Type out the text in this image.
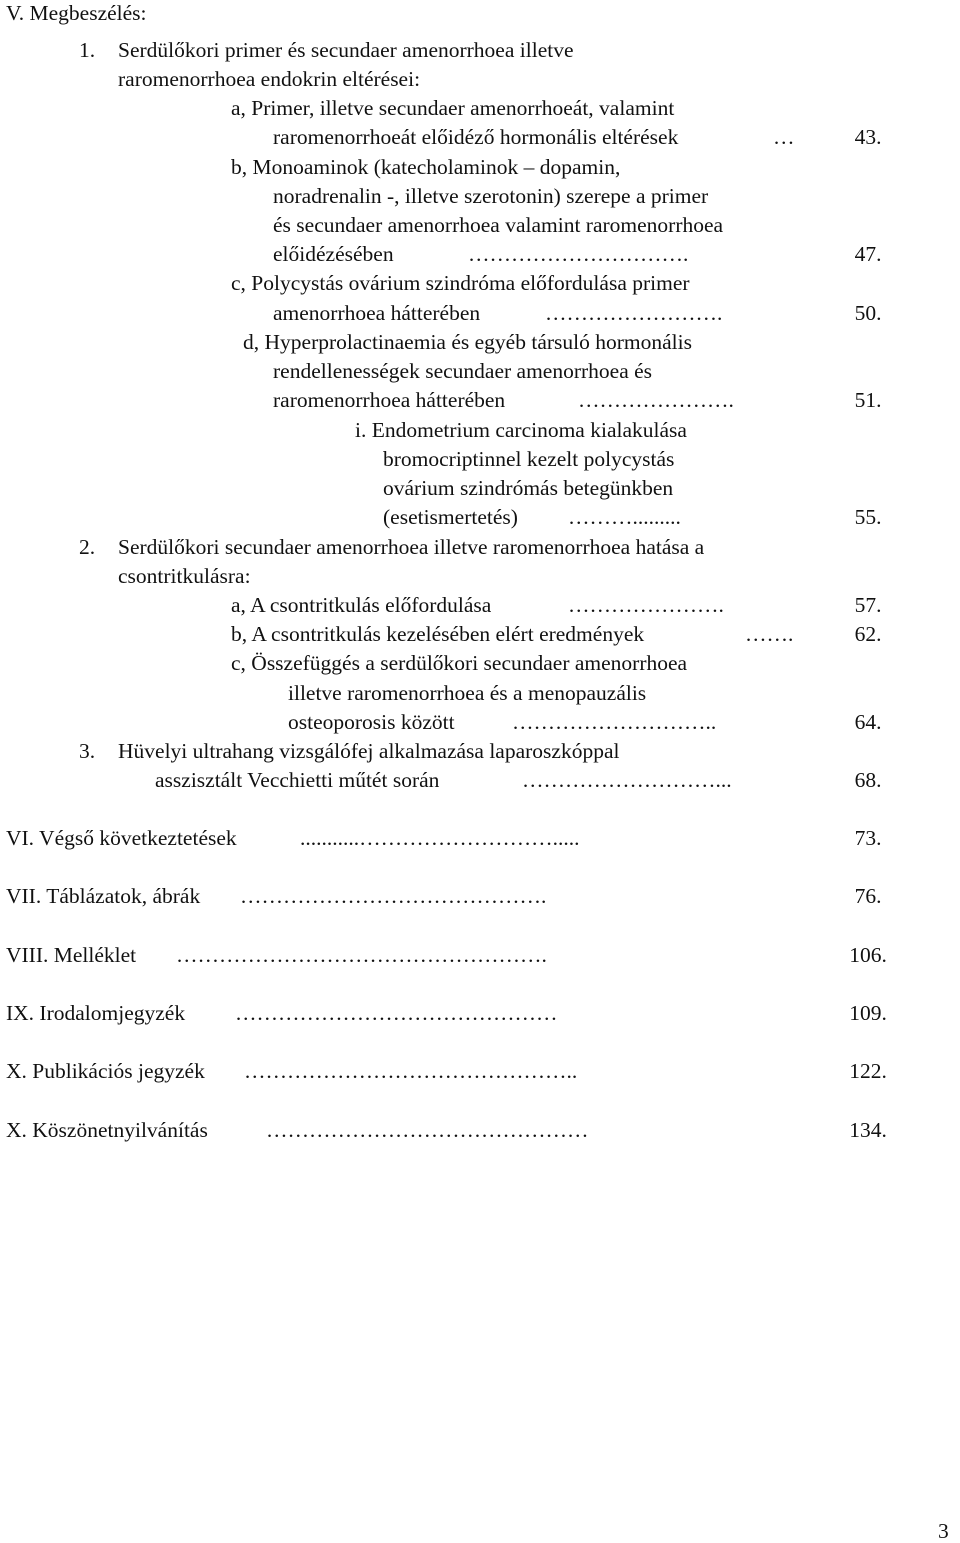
V. Megbeszélés:
1. Serdülőkori primer és secundaer amenorrhoea illetve
raromenorrhoea endokrin eltérései:
a, Primer, illetve secundaer amenorrhoeát, valamint
raromenorrhoeát előidéző hormonális eltérések	…	43.
b, Monoaminok (katecholaminok – dopamin,
noradrenalin -, illetve szerotonin) szerepe a primer
és secundaer amenorrhoea valamint raromenorrhoea
előidézésében	………………………….	47.
c, Polycystás ovárium szindróma előfordulása primer
amenorrhoea hátterében	…………………….	50.
d, Hyperprolactinaemia és egyéb társuló hormonális
rendellenességek secundaer amenorrhoea és
raromenorrhoea hátterében	………………….	51.
i. Endometrium carcinoma kialakulása
bromocriptinnel kezelt polycystás
ovárium szindrómás betegünkben
(esetismertetés) ……….........	55.
2. Serdülőkori secundaer amenorrhoea illetve raromenorrhoea hatása a
csontritkulásra:
a, A csontritkulás előfordulása	………………….	57.
b, A csontritkulás kezelésében elért eredmények	…….	62.
c, Összefüggés a serdülőkori secundaer amenorrhoea
illetve raromenorrhoea és a menopauzális
osteoporosis között	………………………..	64.
3. Hüvelyi ultrahang vizsgálófej alkalmazása laparoszkóppal
asszisztált Vecchietti műtét során	………………………...	68.
VI. Végső következtetések	...........……………………….....	73.
VII. Táblázatok, ábrák …………………………………….	76.
VIII. Melléklet …………………………………………….	106.
IX. Irodalomjegyzék ………………………………………	109.
X. Publikációs jegyzék ………………………………………..	122.
X. Köszönetnyilvánítás	………………………………………	134.
3
